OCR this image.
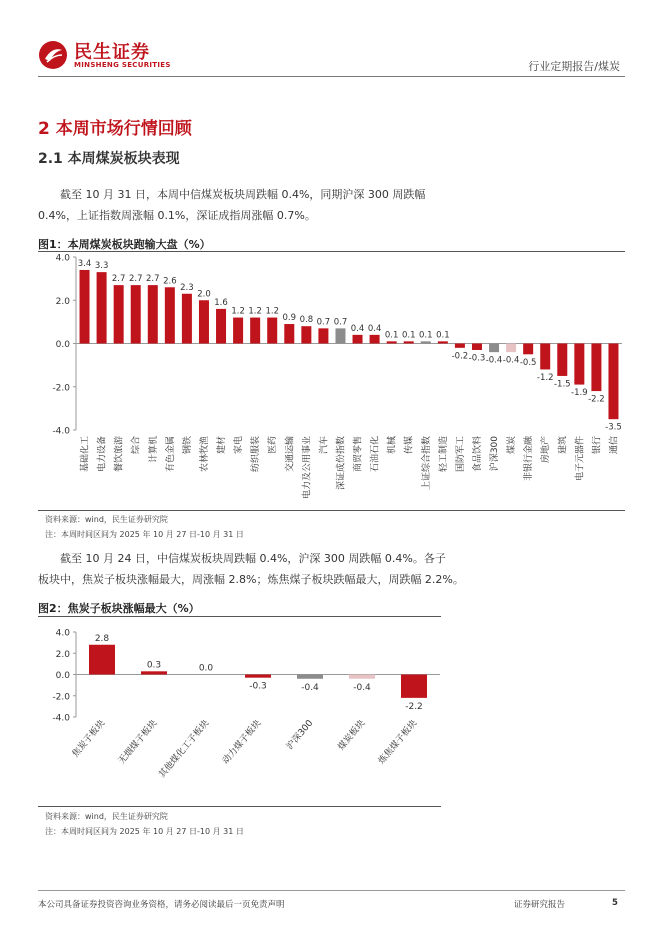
民生证券
MINSHENG SECURITIES	行业定期报告/煤炭
2 本周市场行情回顾
2.1 本周煤炭板块表现
截至 10 月 31 日，本周中信煤炭板块周跌幅 0.4%，同期沪深 300 周跌幅
0.4%，上证指数周涨幅 0.1%，深证成指周涨幅 0.7%。
图1：本周煤炭板块跑输大盘（%）
4.0
2.0
0.0
-2.0
-4.0
3.4
基础化工
3.3
电力设备
2.7
餐饮旅游
2.7
综合
2.7
计算机
2.6
有色金属
2.3
钢铁
2.0
农林牧渔
1.6
建材
1.2
家电
1.2
纺织服装
1.2
医药
0.9
交通运输
0.8
电力及公用事业
0.7
汽车
0.7
深证成份指数
0.4
商贸零售
0.4
石油石化
0.1
机械
0.1
传媒
0.1
上证综合指数
0.1
轻工制造
-0.2
国防军工
-0.3
食品饮料
-0.4
沪深300
-0.4
煤炭
-0.5
非银行金融
-1.2
房地产
-1.5
建筑
-1.9
电子元器件
-2.2
银行
-3.5
通信
资料来源：wind，民生证券研究院
注：本周时间区间为 2025 年 10 月 27 日-10 月 31 日
截至 10 月 24 日，中信煤炭板块周跌幅 0.4%，沪深 300 周跌幅 0.4%。各子
板块中，焦炭子板块涨幅最大，周涨幅 2.8%；炼焦煤子板块跌幅最大，周跌幅 2.2%。
图2：焦炭子板块涨幅最大（%）
4.0
2.0
0.0
-2.0
-4.0
2.8
焦炭子板块
0.3
无烟煤子板块
0.0
其他煤化工子板块
-0.3
动力煤子板块
-0.4
沪深300
-0.4
煤炭板块
-2.2
炼焦煤子板块
资料来源：wind，民生证券研究院
注：本周时间区间为 2025 年 10 月 27 日-10 月 31 日
本公司具备证券投资咨询业务资格，请务必阅读最后一页免责声明	证券研究报告	5
